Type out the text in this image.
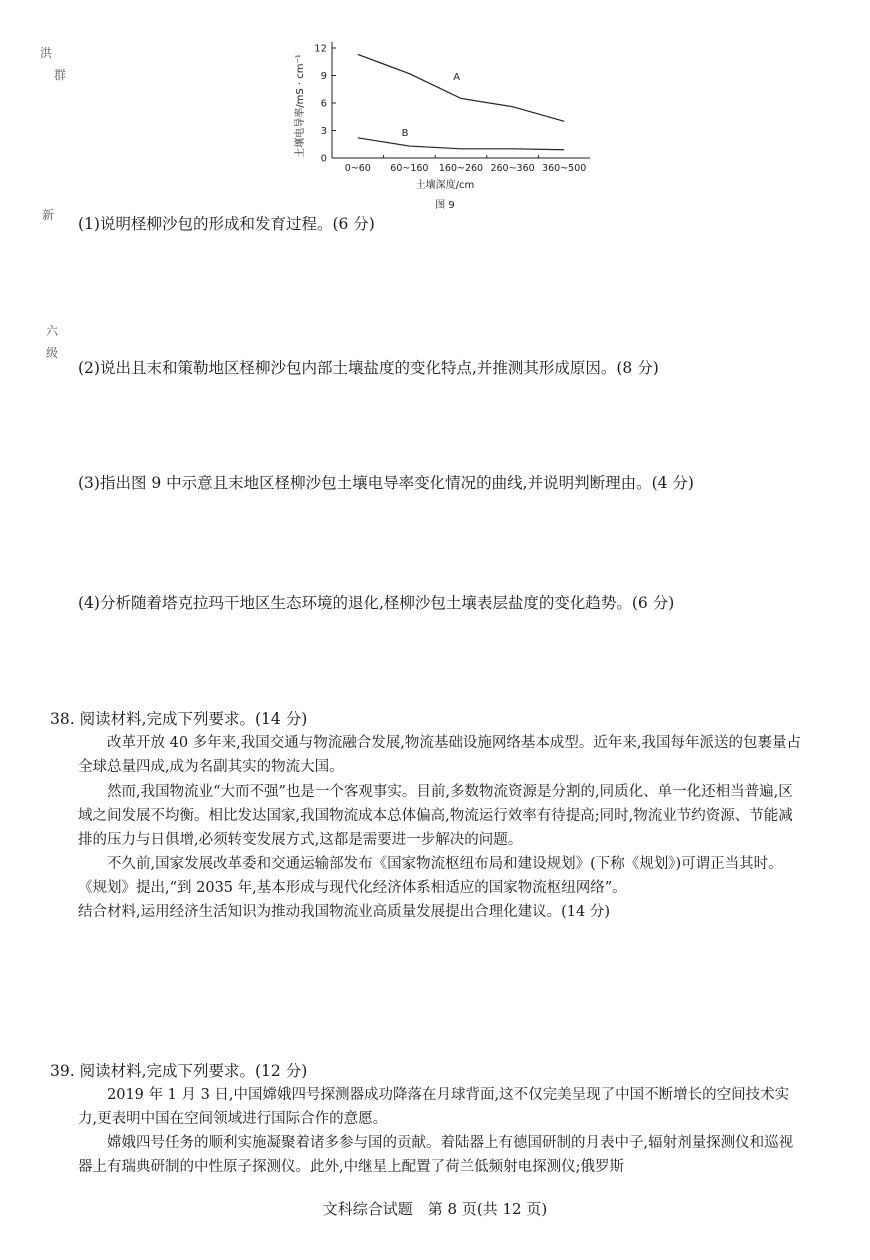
洪
群
新
六
级
0
3
6
9
12
0~60 60~160 160~260 260~360 360~500
A
B
土壤电导率/mS · cm⁻¹
土壤深度/cm
图 9
(1)说明柽柳沙包的形成和发育过程。(6 分)
(2)说出且末和策勒地区柽柳沙包内部土壤盐度的变化特点,并推测其形成原因。(8 分)
(3)指出图 9 中示意且末地区柽柳沙包土壤电导率变化情况的曲线,并说明判断理由。(4 分)
(4)分析随着塔克拉玛干地区生态环境的退化,柽柳沙包土壤表层盐度的变化趋势。(6 分)
38. 阅读材料,完成下列要求。(14 分)
改革开放 40 多年来,我国交通与物流融合发展,物流基础设施网络基本成型。近年来,我国每年派送的包裹量占全球总量四成,成为名副其实的物流大国。
然而,我国物流业“大而不强”也是一个客观事实。目前,多数物流资源是分割的,同质化、单一化还相当普遍,区域之间发展不均衡。相比发达国家,我国物流成本总体偏高,物流运行效率有待提高;同时,物流业节约资源、节能减排的压力与日俱增,必须转变发展方式,这都是需要进一步解决的问题。
不久前,国家发展改革委和交通运输部发布《国家物流枢纽布局和建设规划》(下称《规划》)可谓正当其时。《规划》提出,“到 2035 年,基本形成与现代化经济体系相适应的国家物流枢纽网络”。
结合材料,运用经济生活知识为推动我国物流业高质量发展提出合理化建议。(14 分)
39. 阅读材料,完成下列要求。(12 分)
2019 年 1 月 3 日,中国嫦娥四号探测器成功降落在月球背面,这不仅完美呈现了中国不断增长的空间技术实力,更表明中国在空间领域进行国际合作的意愿。
嫦娥四号任务的顺利实施凝聚着诸多参与国的贡献。着陆器上有德国研制的月表中子,辐射剂量探测仪和巡视器上有瑞典研制的中性原子探测仪。此外,中继星上配置了荷兰低频射电探测仪;俄罗斯
文科综合试题　第 8 页(共 12 页)
